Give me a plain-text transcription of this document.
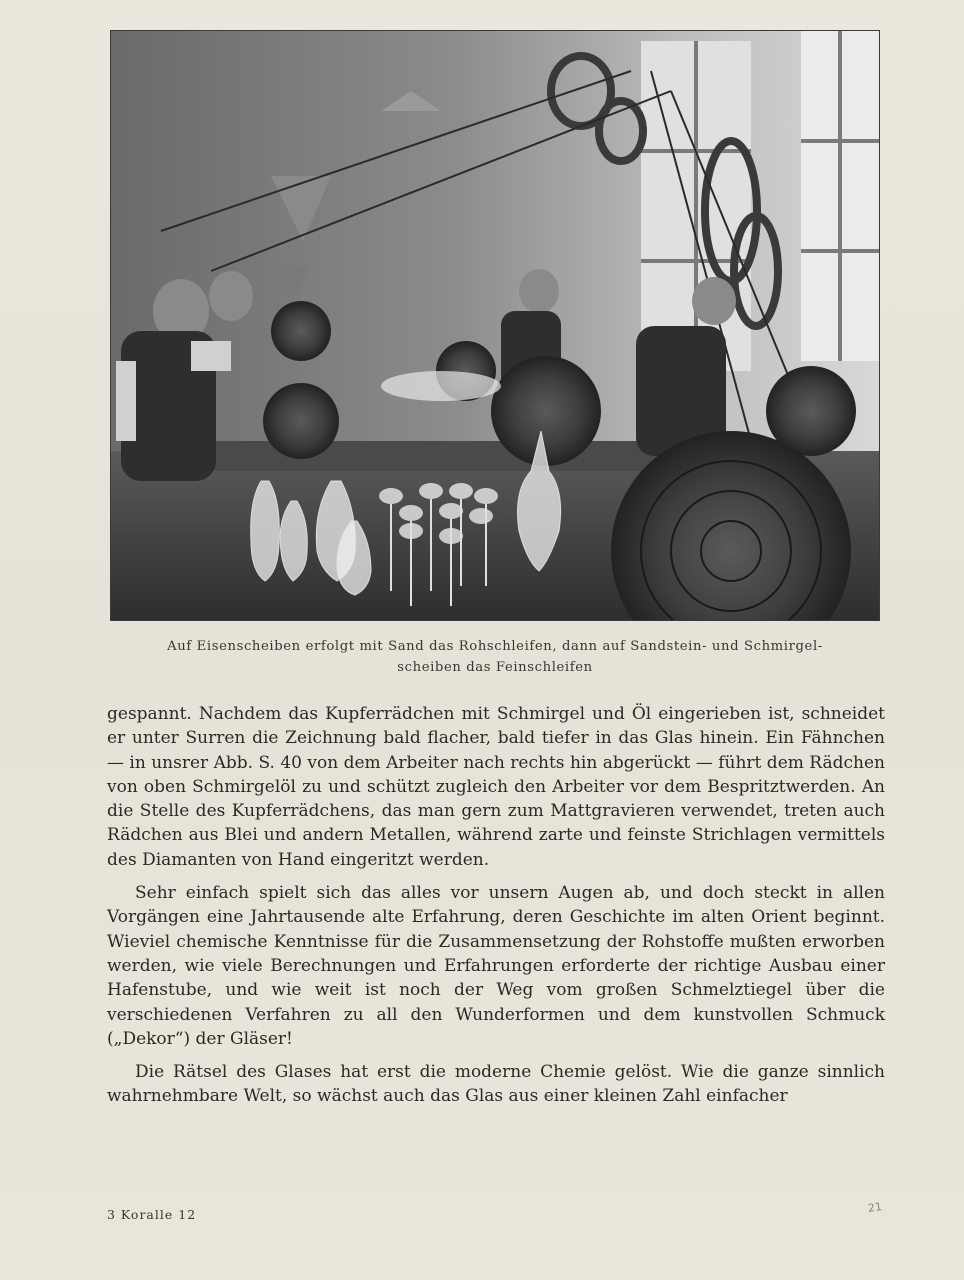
Auf Eisenscheiben erfolgt mit Sand das Rohschleifen, dann auf Sandstein- und Schmirgel-
scheiben das Feinschleifen

gespannt. Nachdem das Kupferrädchen mit Schmirgel und Öl eingerieben ist, schneidet er unter Surren die Zeichnung bald flacher, bald tiefer in das Glas hinein. Ein Fähnchen — in unsrer Abb. S. 40 von dem Arbeiter nach rechts hin abgerückt — führt dem Rädchen von oben Schmirgelöl zu und schützt zugleich den Arbeiter vor dem Bespritztwerden. An die Stelle des Kupferrädchens, das man gern zum Mattgravieren verwendet, treten auch Rädchen aus Blei und andern Metallen, während zarte und feinste Strichlagen vermittels des Diamanten von Hand eingeritzt werden.

Sehr einfach spielt sich das alles vor unsern Augen ab, und doch steckt in allen Vorgängen eine Jahrtausende alte Erfahrung, deren Geschichte im alten Orient beginnt. Wieviel chemische Kenntnisse für die Zusammensetzung der Rohstoffe mußten erworben werden, wie viele Berechnungen und Erfahrungen erforderte der richtige Ausbau einer Hafenstube, und wie weit ist noch der Weg vom großen Schmelztiegel über die verschiedenen Verfahren zu all den Wunderformen und dem kunstvollen Schmuck („Dekor“) der Gläser!

Die Rätsel des Glases hat erst die moderne Chemie gelöst. Wie die ganze sinnlich wahrnehmbare Welt, so wächst auch das Glas aus einer kleinen Zahl einfacher

3 Koralle 12	21
